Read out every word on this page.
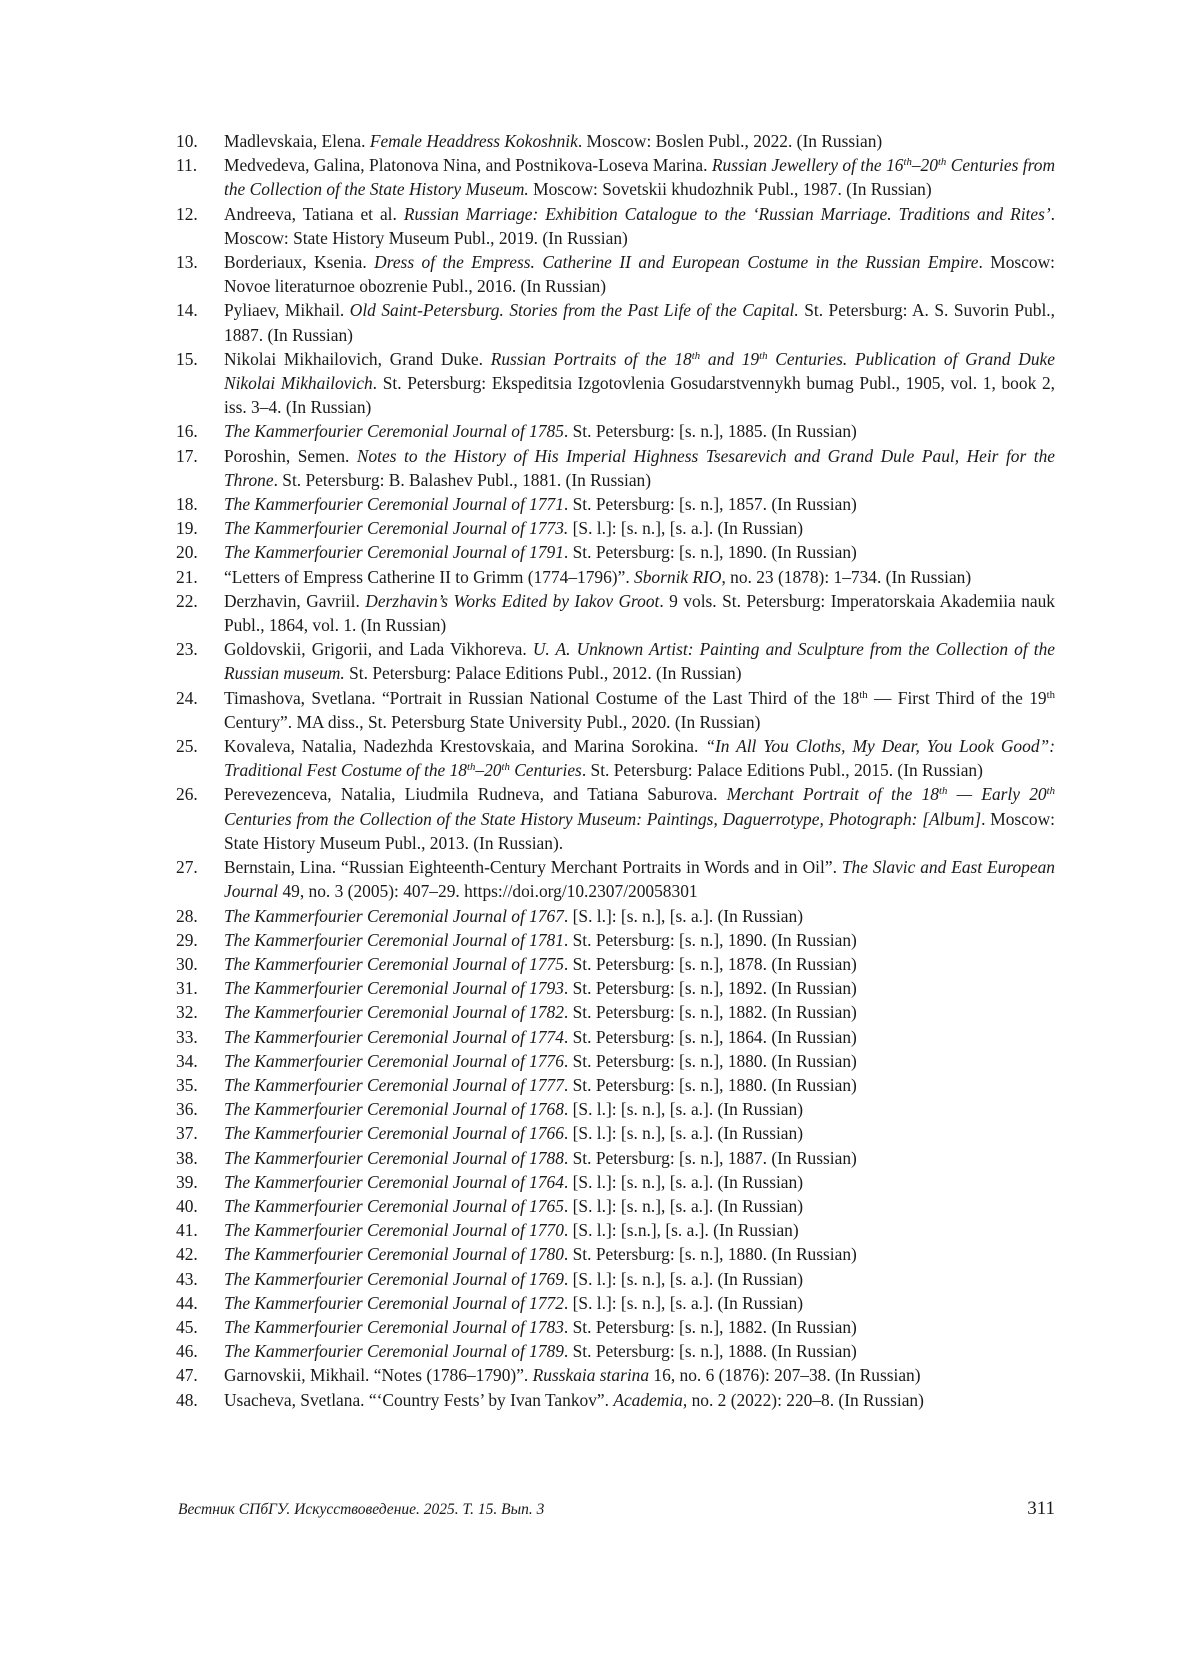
10.	Madlevskaia, Elena. Female Headdress Kokoshnik. Moscow: Boslen Publ., 2022. (In Russian)
11.	Medvedeva, Galina, Platonova Nina, and Postnikova-Loseva Marina. Russian Jewellery of the 16th–20th Centuries from the Collection of the State History Museum. Moscow: Sovetskii khudozhnik Publ., 1987. (In Russian)
12.	Andreeva, Tatiana et al. Russian Marriage: Exhibition Catalogue to the ‘Russian Marriage. Traditions and Rites’. Moscow: State History Museum Publ., 2019. (In Russian)
13.	Borderiaux, Ksenia. Dress of the Empress. Catherine II and European Costume in the Russian Empire. Moscow: Novoe literaturnoe obozrenie Publ., 2016. (In Russian)
14.	Pyliaev, Mikhail. Old Saint-Petersburg. Stories from the Past Life of the Capital. St. Petersburg: A. S. Suvorin Publ., 1887. (In Russian)
15.	Nikolai Mikhailovich, Grand Duke. Russian Portraits of the 18th and 19th Centuries. Publication of Grand Duke Nikolai Mikhailovich. St. Petersburg: Ekspeditsia Izgotovlenia Gosudarstvennykh bumag Publ., 1905, vol. 1, book 2, iss. 3–4. (In Russian)
16.	The Kammerfourier Ceremonial Journal of 1785. St. Petersburg: [s. n.], 1885. (In Russian)
17.	Poroshin, Semen. Notes to the History of His Imperial Highness Tsesarevich and Grand Dule Paul, Heir for the Throne. St. Petersburg: B. Balashev Publ., 1881. (In Russian)
18.	The Kammerfourier Ceremonial Journal of 1771. St. Petersburg: [s. n.], 1857. (In Russian)
19.	The Kammerfourier Ceremonial Journal of 1773. [S. l.]: [s. n.], [s. a.]. (In Russian)
20.	The Kammerfourier Ceremonial Journal of 1791. St. Petersburg: [s. n.], 1890. (In Russian)
21.	“Letters of Empress Catherine II to Grimm (1774–1796)”. Sbornik RIO, no. 23 (1878): 1–734. (In Russian)
22.	Derzhavin, Gavriil. Derzhavin’s Works Edited by Iakov Groot. 9 vols. St. Petersburg: Imperatorskaia Akademiia nauk Publ., 1864, vol. 1. (In Russian)
23.	Goldovskii, Grigorii, and Lada Vikhoreva. U. A. Unknown Artist: Painting and Sculpture from the Collection of the Russian museum. St. Petersburg: Palace Editions Publ., 2012. (In Russian)
24.	Timashova, Svetlana. “Portrait in Russian National Costume of the Last Third of the 18th — First Third of the 19th Century”. MA diss., St. Petersburg State University Publ., 2020. (In Russian)
25.	Kovaleva, Natalia, Nadezhda Krestovskaia, and Marina Sorokina. “In All You Cloths, My Dear, You Look Good”: Traditional Fest Costume of the 18th–20th Centuries. St. Petersburg: Palace Editions Publ., 2015. (In Russian)
26.	Perevezenceva, Natalia, Liudmila Rudneva, and Tatiana Saburova. Merchant Portrait of the 18th — Early 20th Centuries from the Collection of the State History Museum: Paintings, Daguerrotype, Photograph: [Album]. Moscow: State History Museum Publ., 2013. (In Russian).
27.	Bernstain, Lina. “Russian Eighteenth-Century Merchant Portraits in Words and in Oil”. The Slavic and East European Journal 49, no. 3 (2005): 407–29. https://doi.org/10.2307/20058301
28.	The Kammerfourier Ceremonial Journal of 1767. [S. l.]: [s. n.], [s. a.]. (In Russian)
29.	The Kammerfourier Ceremonial Journal of 1781. St. Petersburg: [s. n.], 1890. (In Russian)
30.	The Kammerfourier Ceremonial Journal of 1775. St. Petersburg: [s. n.], 1878. (In Russian)
31.	The Kammerfourier Ceremonial Journal of 1793. St. Petersburg: [s. n.], 1892. (In Russian)
32.	The Kammerfourier Ceremonial Journal of 1782. St. Petersburg: [s. n.], 1882. (In Russian)
33.	The Kammerfourier Ceremonial Journal of 1774. St. Petersburg: [s. n.], 1864. (In Russian)
34.	The Kammerfourier Ceremonial Journal of 1776. St. Petersburg: [s. n.], 1880. (In Russian)
35.	The Kammerfourier Ceremonial Journal of 1777. St. Petersburg: [s. n.], 1880. (In Russian)
36.	The Kammerfourier Ceremonial Journal of 1768. [S. l.]: [s. n.], [s. a.]. (In Russian)
37.	The Kammerfourier Ceremonial Journal of 1766. [S. l.]: [s. n.], [s. a.]. (In Russian)
38.	The Kammerfourier Ceremonial Journal of 1788. St. Petersburg: [s. n.], 1887. (In Russian)
39.	The Kammerfourier Ceremonial Journal of 1764. [S. l.]: [s. n.], [s. a.]. (In Russian)
40.	The Kammerfourier Ceremonial Journal of 1765. [S. l.]: [s. n.], [s. a.]. (In Russian)
41.	The Kammerfourier Ceremonial Journal of 1770. [S. l.]: [s.n.], [s. a.]. (In Russian)
42.	The Kammerfourier Ceremonial Journal of 1780. St. Petersburg: [s. n.], 1880. (In Russian)
43.	The Kammerfourier Ceremonial Journal of 1769. [S. l.]: [s. n.], [s. a.]. (In Russian)
44.	The Kammerfourier Ceremonial Journal of 1772. [S. l.]: [s. n.], [s. a.]. (In Russian)
45.	The Kammerfourier Ceremonial Journal of 1783. St. Petersburg: [s. n.], 1882. (In Russian)
46.	The Kammerfourier Ceremonial Journal of 1789. St. Petersburg: [s. n.], 1888. (In Russian)
47.	Garnovskii, Mikhail. “Notes (1786–1790)”. Russkaia starina 16, no. 6 (1876): 207–38. (In Russian)
48.	Usacheva, Svetlana. “‘Country Fests’ by Ivan Tankov”. Academia, no. 2 (2022): 220–8. (In Russian)
Вестник СПбГУ. Искусствоведение. 2025. Т. 15. Вып. 3	311
